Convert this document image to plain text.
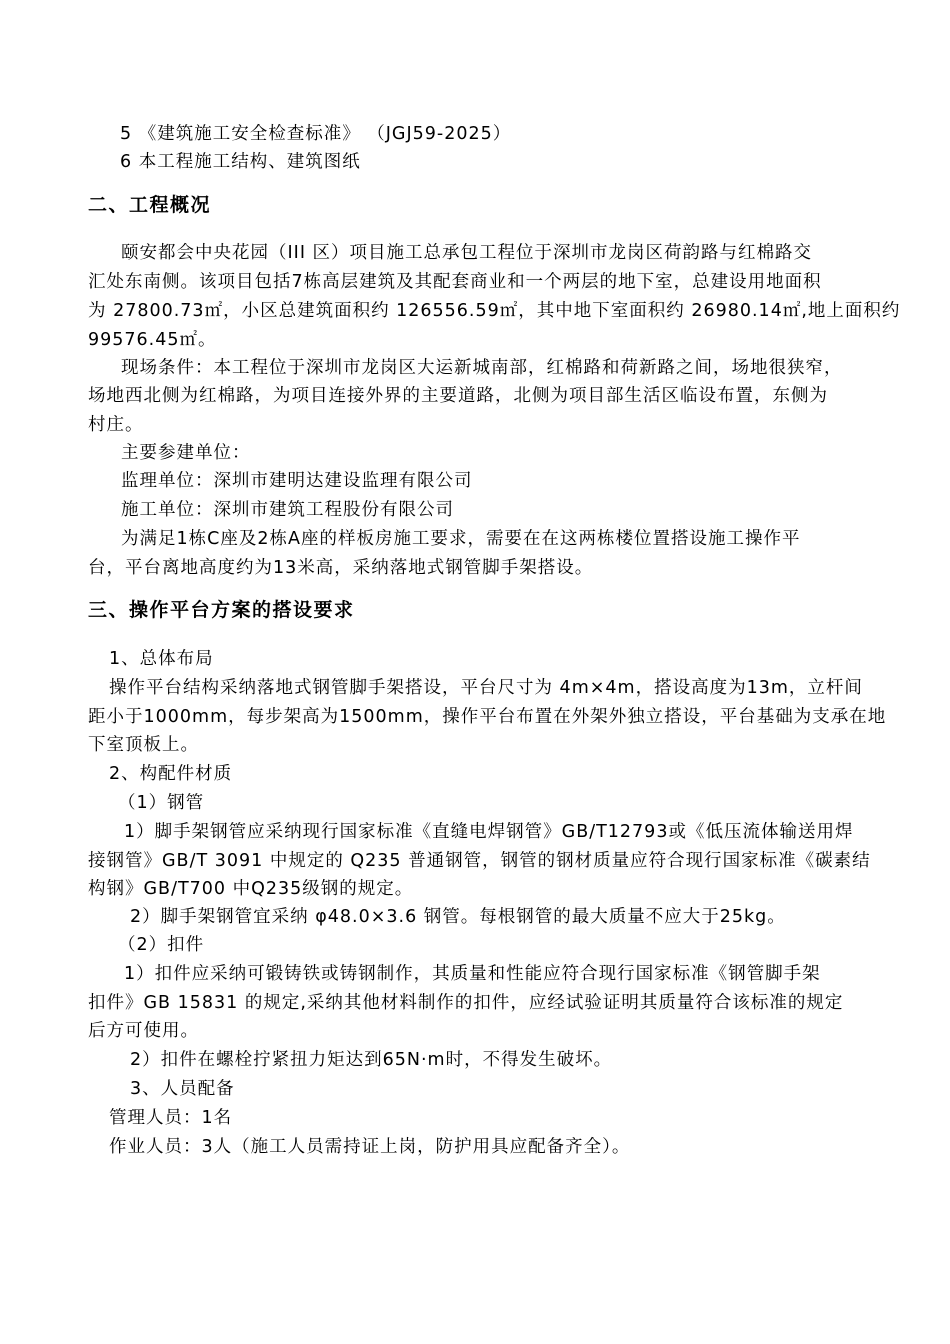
5 《建筑施工安全检查标准》 （JGJ59-2025）
6 本工程施工结构、建筑图纸
二、工程概况
颐安都会中央花园（III 区）项目施工总承包工程位于深圳市龙岗区荷韵路与红棉路交
汇处东南侧。该项目包括7栋高层建筑及其配套商业和一个两层的地下室，总建设用地面积
为 27800.73㎡，小区总建筑面积约 126556.59㎡，其中地下室面积约 26980.14㎡,地上面积约
99576.45㎡。
现场条件：本工程位于深圳市龙岗区大运新城南部，红棉路和荷新路之间，场地很狭窄，
场地西北侧为红棉路，为项目连接外界的主要道路，北侧为项目部生活区临设布置，东侧为
村庄。
主要参建单位：
监理单位：深圳市建明达建设监理有限公司
施工单位：深圳市建筑工程股份有限公司
为满足1栋C座及2栋A座的样板房施工要求，需要在在这两栋楼位置搭设施工操作平
台，平台离地高度约为13米高，采纳落地式钢管脚手架搭设。
三、操作平台方案的搭设要求
1、总体布局
操作平台结构采纳落地式钢管脚手架搭设，平台尺寸为 4m×4m，搭设高度为13m，立杆间
距小于1000mm，每步架高为1500mm，操作平台布置在外架外独立搭设，平台基础为支承在地
下室顶板上。
2、构配件材质
（1）钢管
1）脚手架钢管应采纳现行国家标准《直缝电焊钢管》GB/T12793或《低压流体输送用焊
接钢管》GB/T 3091 中规定的 Q235 普通钢管，钢管的钢材质量应符合现行国家标准《碳素结
构钢》GB/T700 中Q235级钢的规定。
2）脚手架钢管宜采纳 φ48.0×3.6 钢管。每根钢管的最大质量不应大于25kg。
（2）扣件
1）扣件应采纳可锻铸铁或铸钢制作，其质量和性能应符合现行国家标准《钢管脚手架
扣件》GB 15831 的规定,采纳其他材料制作的扣件，应经试验证明其质量符合该标准的规定
后方可使用。
2）扣件在螺栓拧紧扭力矩达到65N·m时，不得发生破坏。
3、人员配备
管理人员：1名
作业人员：3人（施工人员需持证上岗，防护用具应配备齐全）。
